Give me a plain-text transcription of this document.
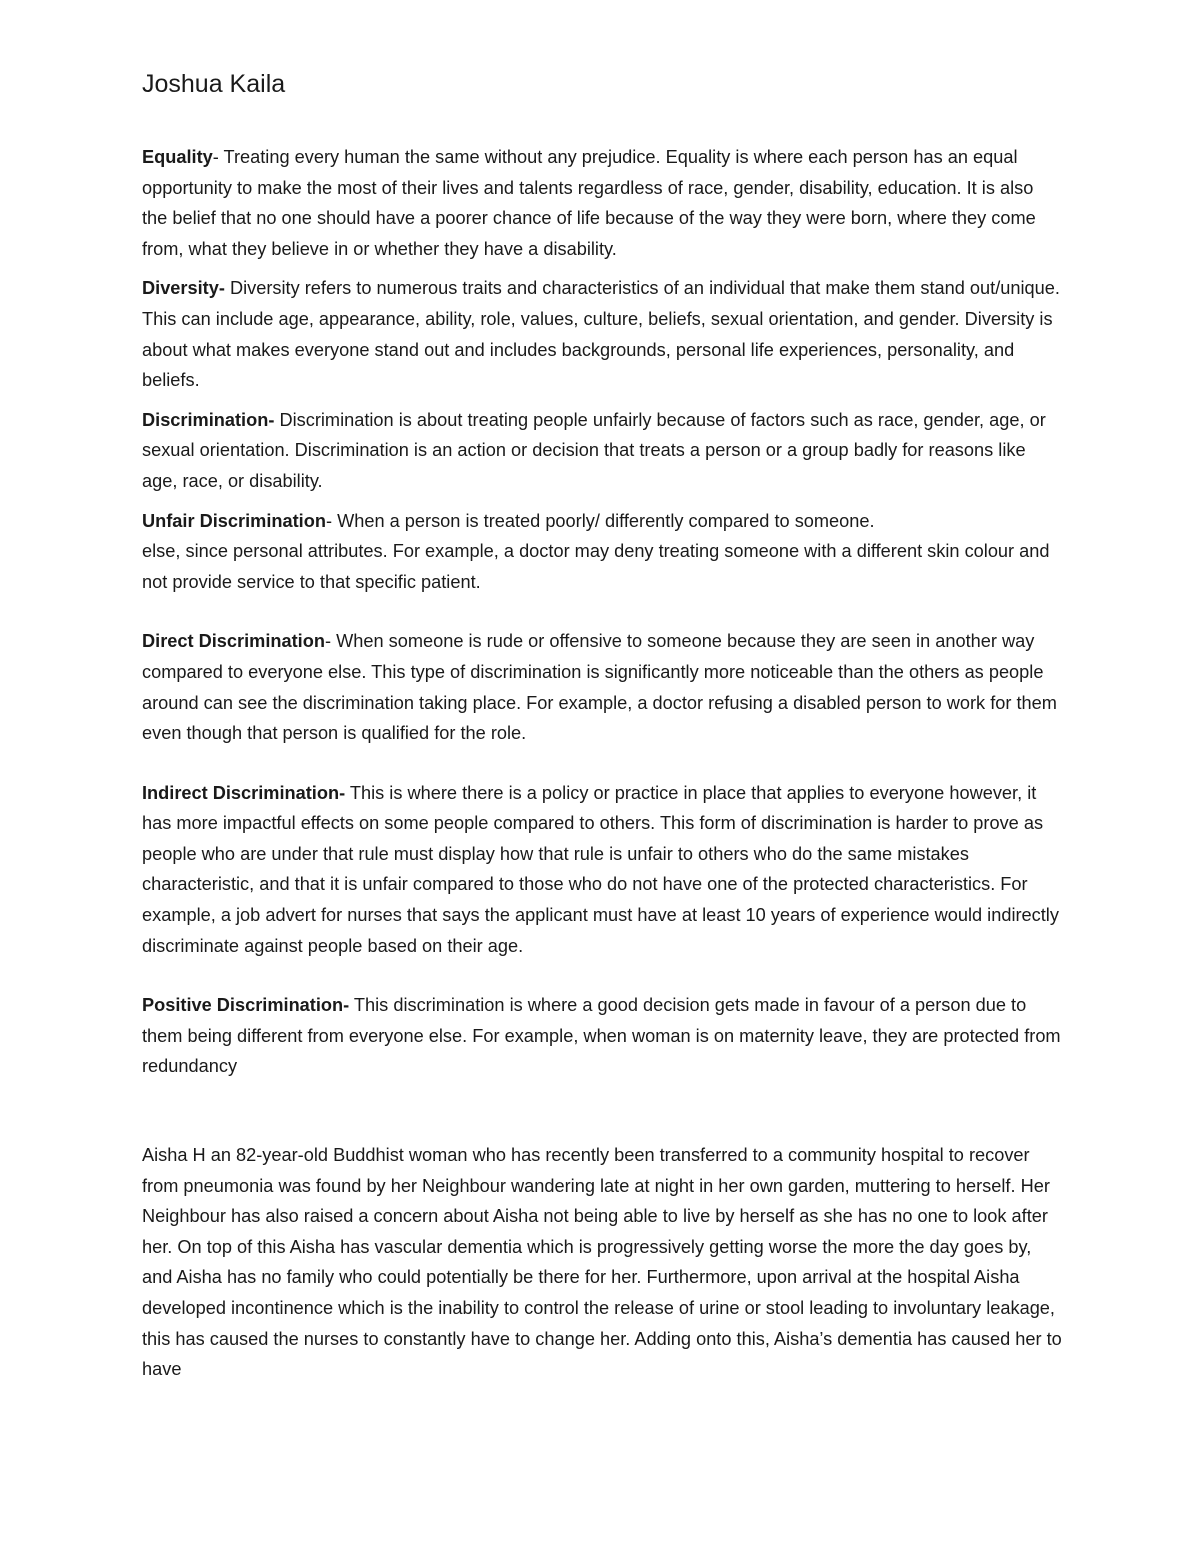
Joshua Kaila

Equality- Treating every human the same without any prejudice. Equality is where each person has an equal opportunity to make the most of their lives and talents regardless of race, gender, disability, education. It is also the belief that no one should have a poorer chance of life because of the way they were born, where they come from, what they believe in or whether they have a disability.

Diversity- Diversity refers to numerous traits and characteristics of an individual that make them stand out/unique. This can include age, appearance, ability, role, values, culture, beliefs, sexual orientation, and gender. Diversity is about what makes everyone stand out and includes backgrounds, personal life experiences, personality, and beliefs.

Discrimination- Discrimination is about treating people unfairly because of factors such as race, gender, age, or sexual orientation. Discrimination is an action or decision that treats a person or a group badly for reasons like age, race, or disability.

Unfair Discrimination- When a person is treated poorly/ differently compared to someone.
else, since personal attributes. For example, a doctor may deny treating someone with a different skin colour and not provide service to that specific patient.

Direct Discrimination- When someone is rude or offensive to someone because they are seen in another way compared to everyone else. This type of discrimination is significantly more noticeable than the others as people around can see the discrimination taking place. For example, a doctor refusing a disabled person to work for them even though that person is qualified for the role.

Indirect Discrimination- This is where there is a policy or practice in place that applies to everyone however, it has more impactful effects on some people compared to others. This form of discrimination is harder to prove as people who are under that rule must display how that rule is unfair to others who do the same mistakes characteristic, and that it is unfair compared to those who do not have one of the protected characteristics. For example, a job advert for nurses that says the applicant must have at least 10 years of experience would indirectly discriminate against people based on their age.

Positive Discrimination- This discrimination is where a good decision gets made in favour of a person due to them being different from everyone else. For example, when woman is on maternity leave, they are protected from redundancy

Aisha H an 82-year-old Buddhist woman who has recently been transferred to a community hospital to recover from pneumonia was found by her Neighbour wandering late at night in her own garden, muttering to herself. Her Neighbour has also raised a concern about Aisha not being able to live by herself as she has no one to look after her. On top of this Aisha has vascular dementia which is progressively getting worse the more the day goes by, and Aisha has no family who could potentially be there for her. Furthermore, upon arrival at the hospital Aisha developed incontinence which is the inability to control the release of urine or stool leading to involuntary leakage, this has caused the nurses to constantly have to change her. Adding onto this, Aisha’s dementia has caused her to have
